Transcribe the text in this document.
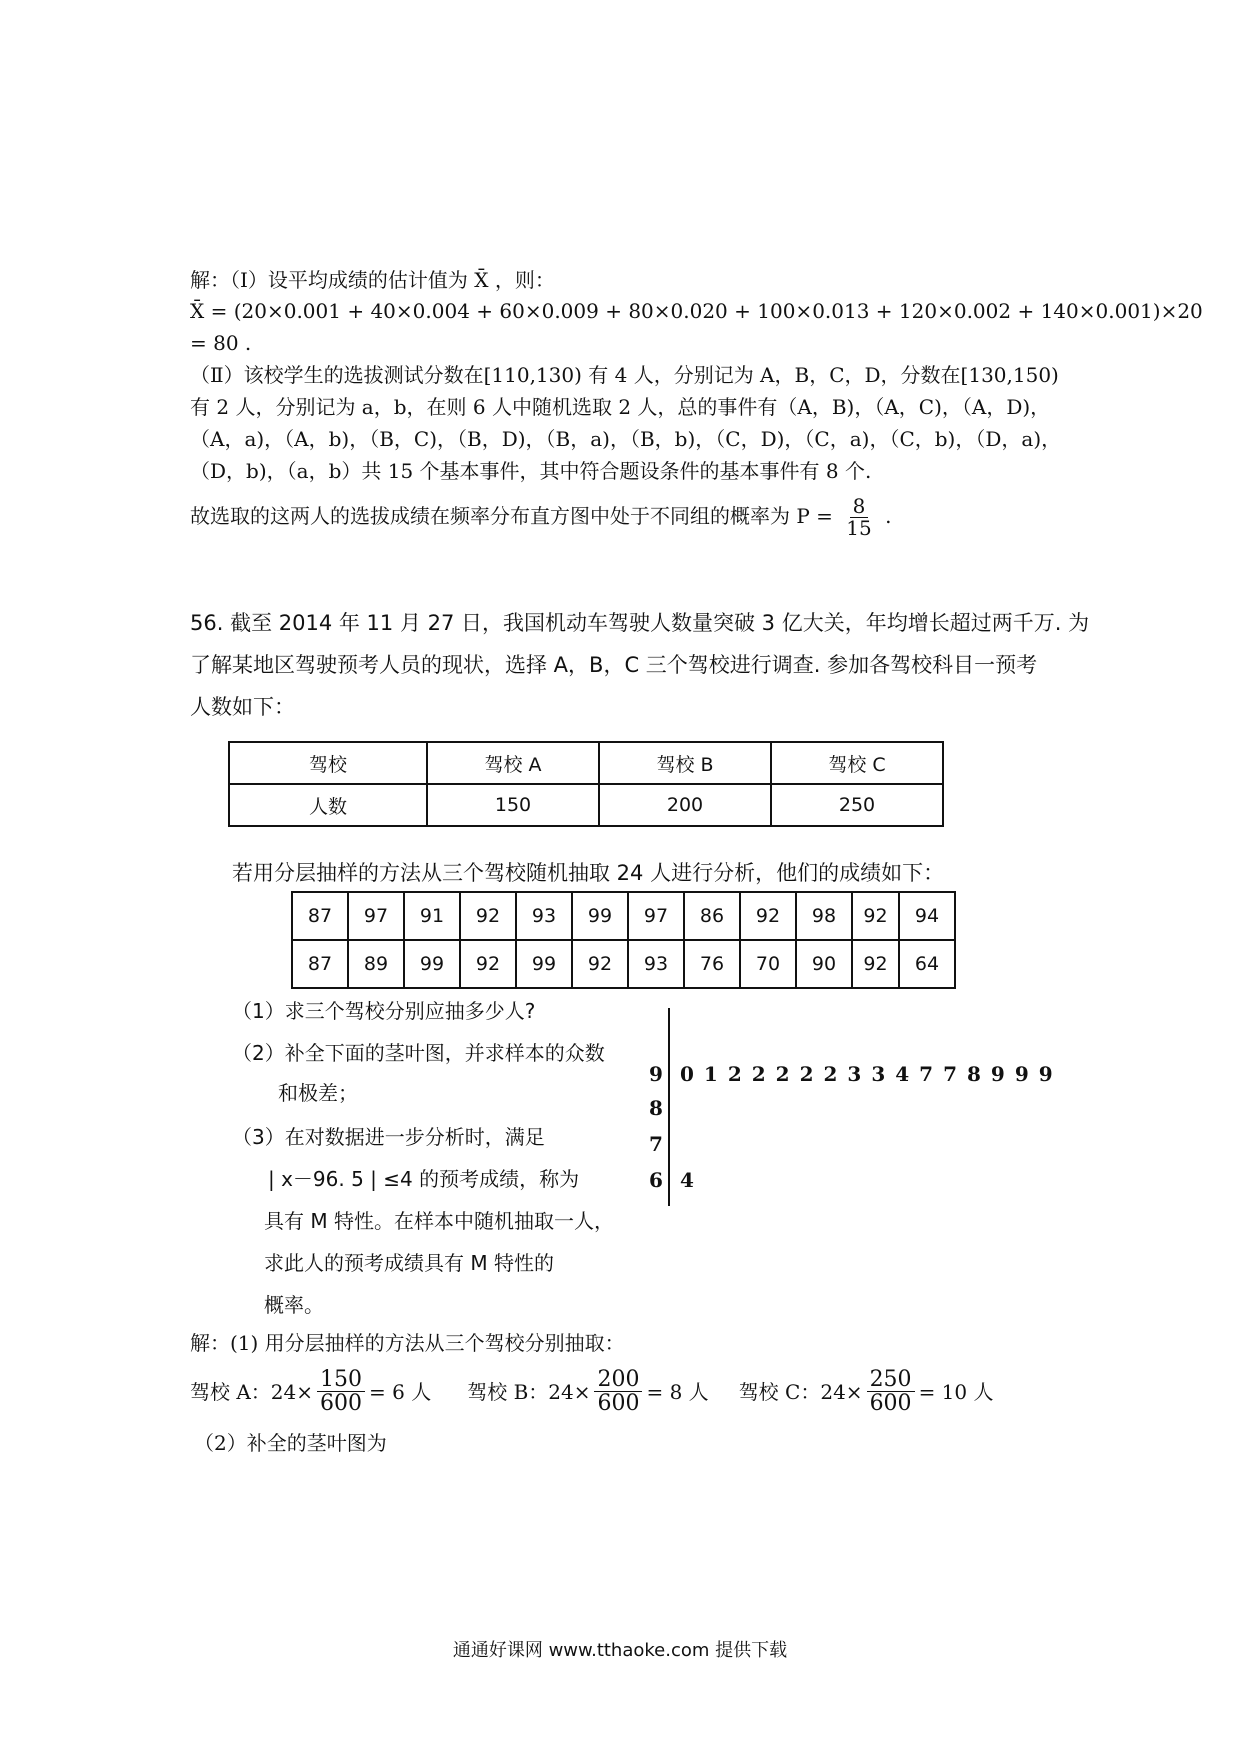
解：（Ⅰ）设平均成绩的估计值为 X̄ ，则：
X̄ = (20×0.001 + 40×0.004 + 60×0.009 + 80×0.020 + 100×0.013 + 120×0.002 + 140×0.001)×20
= 80 .
（Ⅱ）该校学生的选拔测试分数在[110,130) 有 4 人，分别记为 A，B，C，D，分数在[130,150)
有 2 人，分别记为 a，b，在则 6 人中随机选取 2 人，总的事件有（A，B)，（A，C)，（A，D)，
（A，a)，（A，b)，（B，C)，（B，D)，（B，a)，（B，b)，（C，D)，（C，a)，（C，b)，（D，a)，
（D，b)，（a，b）共 15 个基本事件，其中符合题设条件的基本事件有 8 个.
故选取的这两人的选拔成绩在频率分布直方图中处于不同组的概率为 $P = \frac{8}{15}$ .
56. 截至 2014 年 11 月 27 日，我国机动车驾驶人数量突破 3 亿大关，年均增长超过两千万. 为
了解某地区驾驶预考人员的现状，选择 A，B，C 三个驾校进行调查. 参加各驾校科目一预考
人数如下：
驾校	驾校 A	驾校 B	驾校 C
人数	150	200	250
若用分层抽样的方法从三个驾校随机抽取 24 人进行分析，他们的成绩如下：
87	97	91	92	93	99	97	86	92	98	92	94
87	89	99	92	99	92	93	76	70	90	92	64
（1）求三个驾校分别应抽多少人?
（2）补全下面的茎叶图，并求样本的众数
和极差；
（3）在对数据进一步分析时，满足
| x－96. 5 | ≤4 的预考成绩，称为
具有 M 特性。在样本中随机抽取一人，
求此人的预考成绩具有 M 特性的
概率。
9 0122222334778999
8
7
6 4
解：(1) 用分层抽样的方法从三个驾校分别抽取：
驾校 A：$24\times \frac{150}{600} = 6$ 人 驾校 B：$24\times \frac{200}{600} = 8$ 人 驾校 C：$24\times \frac{250}{600} = 10$ 人
（2）补全的茎叶图为
通通好课网 www.tthaoke.com 提供下载
